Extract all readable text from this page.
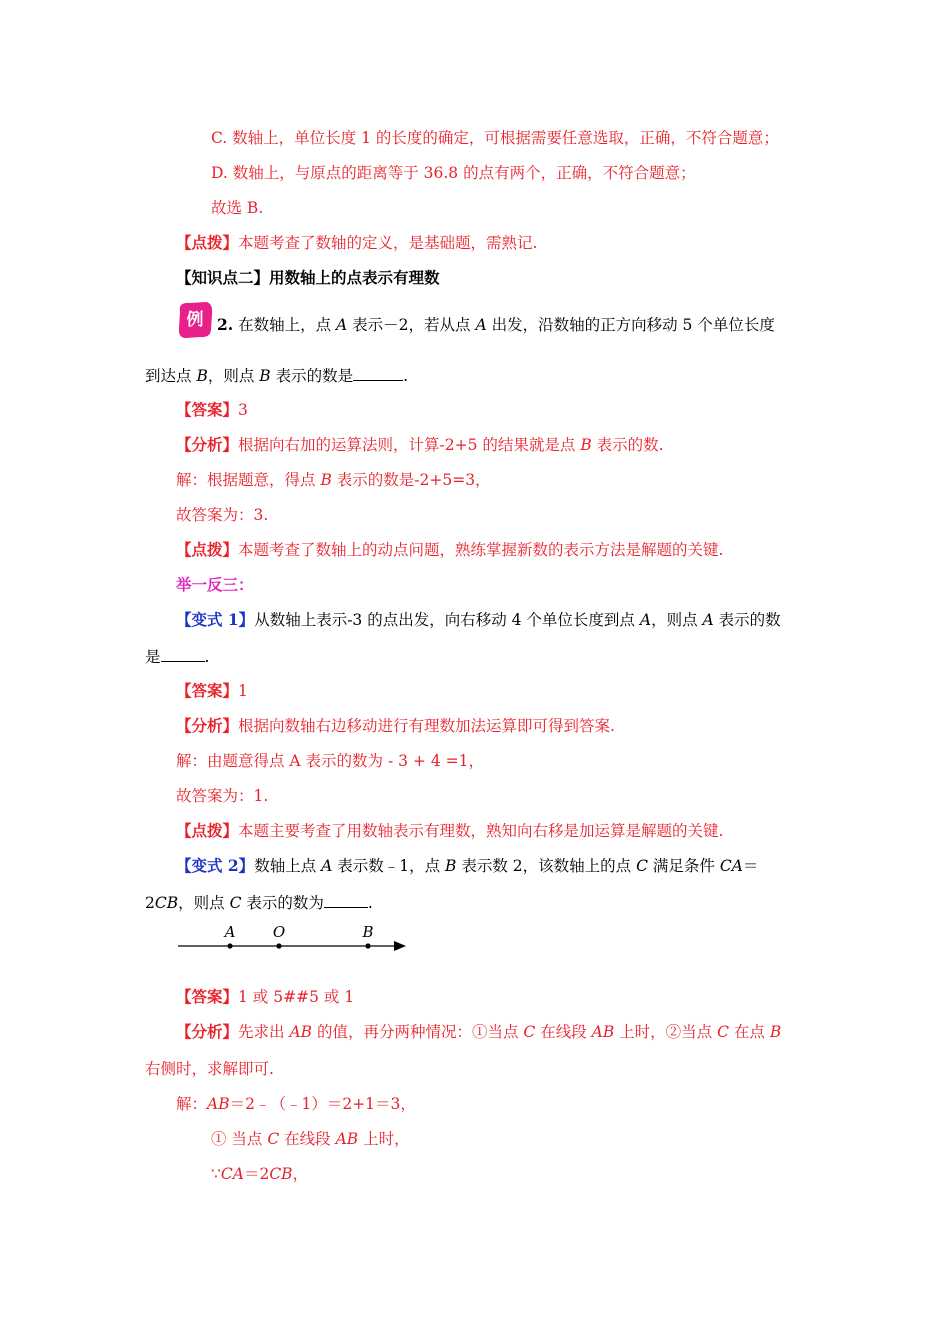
C. 数轴上，单位长度 1 的长度的确定，可根据需要任意选取，正确，不符合题意；
D. 数轴上，与原点的距离等于 36.8 的点有两个，正确，不符合题意；
故选 B.
【点拨】本题考查了数轴的定义，是基础题，需熟记.
【知识点二】用数轴上的点表示有理数
例 2. 在数轴上，点 A 表示－2，若从点 A 出发，沿数轴的正方向移动 5 个单位长度
到达点 B，则点 B 表示的数是	.
【答案】3
【分析】根据向右加的运算法则，计算-2+5 的结果就是点 B 表示的数.
解：根据题意，得点 B 表示的数是-2+5=3，
故答案为：3.
【点拨】本题考查了数轴上的动点问题，熟练掌握新数的表示方法是解题的关键.
举一反三：
【变式 1】从数轴上表示-3 的点出发，向右移动 4 个单位长度到点 A，则点 A 表示的数
是	.
【答案】1
【分析】根据向数轴右边移动进行有理数加法运算即可得到答案.
解：由题意得点 A 表示的数为 - 3 + 4 =1，
故答案为：1.
【点拨】本题主要考查了用数轴表示有理数，熟知向右移是加运算是解题的关键.
【变式 2】数轴上点 A 表示数﹣1，点 B 表示数 2，该数轴上的点 C 满足条件 CA＝
2CB，则点 C 表示的数为	.
A O	B
【答案】1 或 5##5 或 1
【分析】先求出 AB 的值，再分两种情况：①当点 C 在线段 AB 上时，②当点 C 在点 B
右侧时，求解即可.
解：AB＝2﹣（﹣1）＝2+1＝3，
① 当点 C 在线段 AB 上时，
∵CA＝2CB，
